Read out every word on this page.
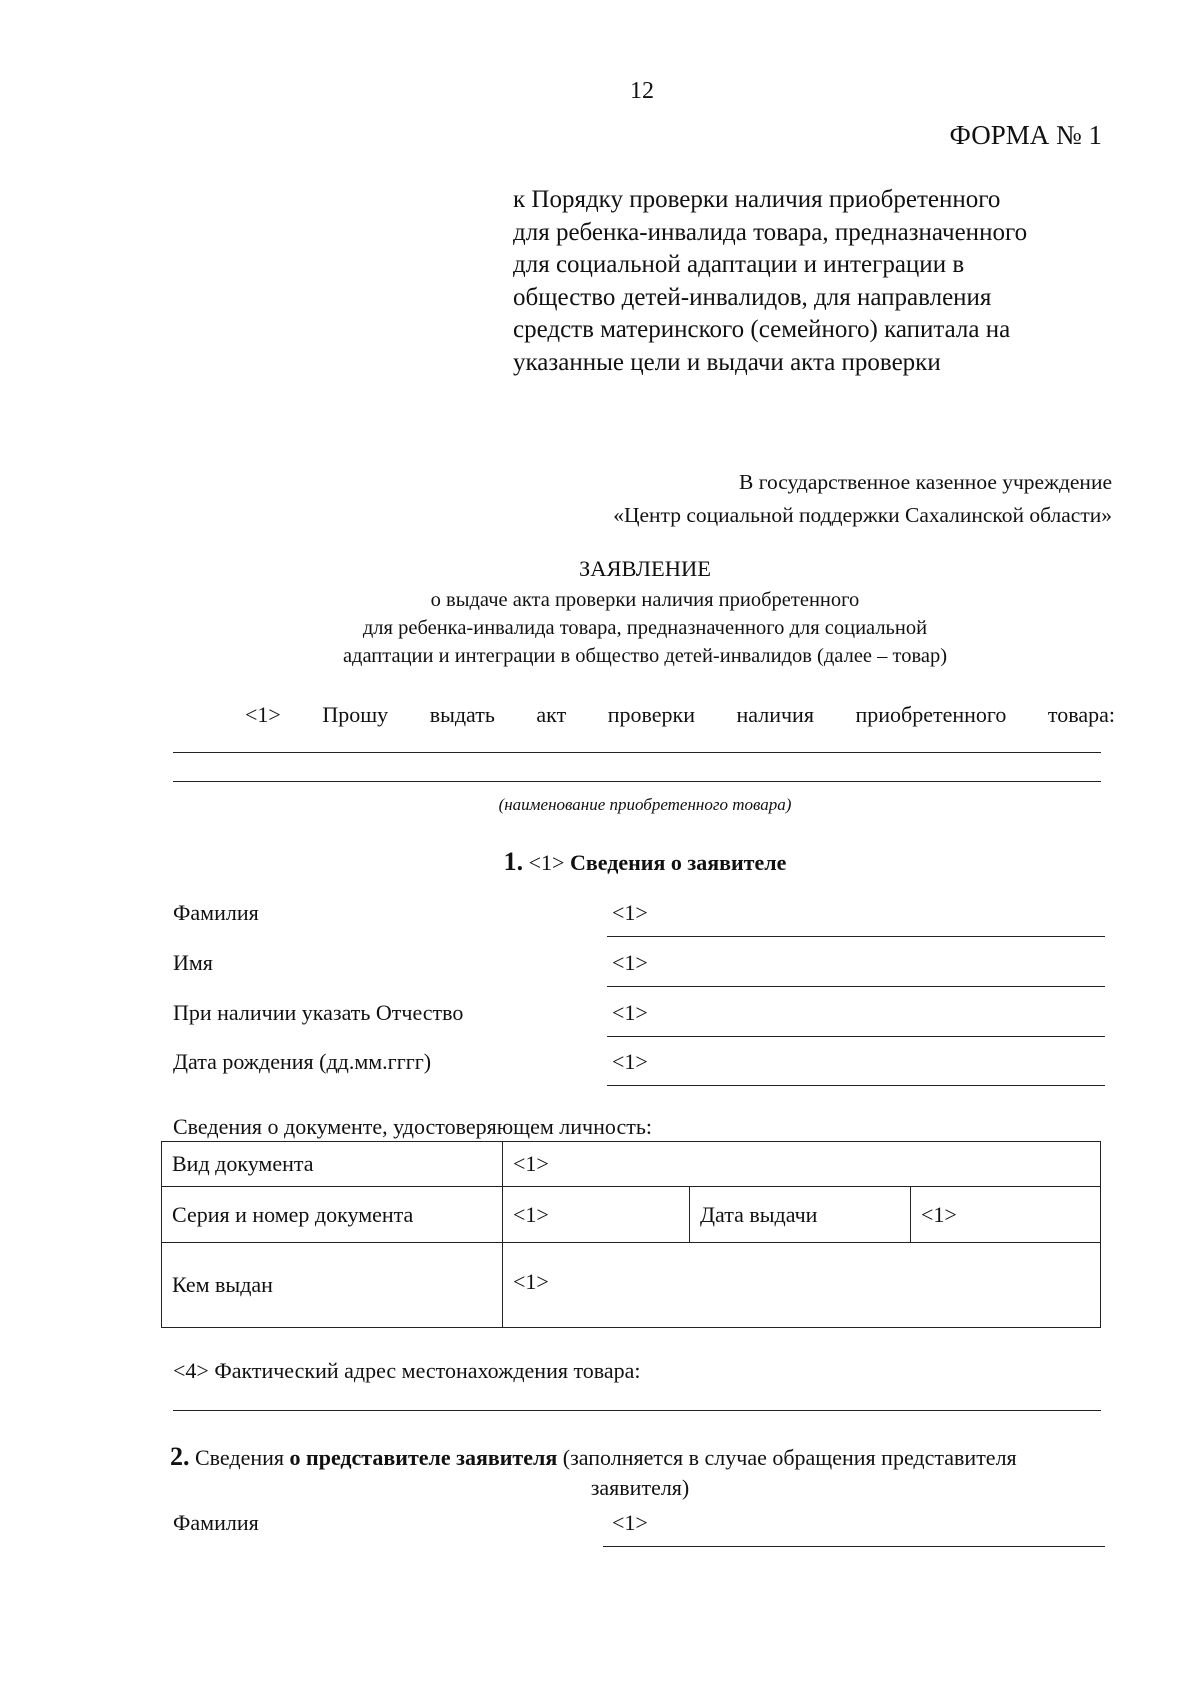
12
ФОРМА № 1
к Порядку проверки наличия приобретенного
для ребенка-инвалида товара, предназначенного
для социальной адаптации и интеграции в
общество детей-инвалидов, для направления
средств материнского (семейного) капитала на
указанные цели и выдачи акта проверки
В государственное казенное учреждение
«Центр социальной поддержки Сахалинской области»
ЗАЯВЛЕНИЕ
о выдаче акта проверки наличия приобретенного
для ребенка-инвалида товара, предназначенного для социальной
адаптации и интеграции в общество детей-инвалидов (далее – товар)
<1> Прошу выдать акт проверки наличия приобретенного товара:
(наименование приобретенного товара)
1. <1> Сведения о заявителе
Фамилия	<1>
Имя	<1>
При наличии указать Отчество	<1>
Дата рождения (дд.мм.гггг)	<1>
Сведения о документе, удостоверяющем личность:
Вид документа	<1>		
Серия и номер документа	<1>	Дата выдачи	<1>
Кем выдан	<1>		
<4> Фактический адрес местонахождения товара:
2. Сведения о представителе заявителя (заполняется в случае обращения представителя
заявителя)
Фамилия	<1>
